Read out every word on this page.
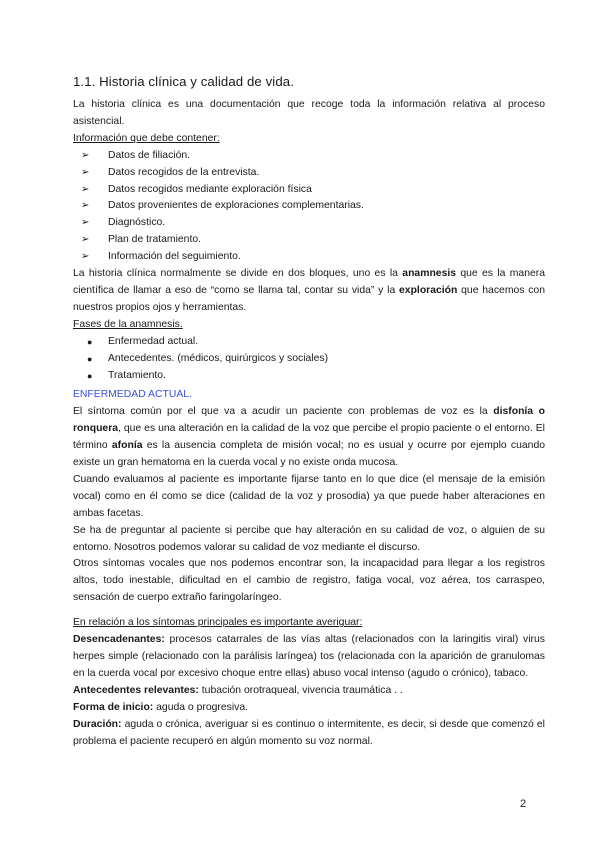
1.1. Historia clínica y calidad de vida.

La historia clínica es una documentación que recoge toda la información relativa al proceso asistencial.

Información que debe contener:

➢ Datos de filiación.
➢ Datos recogidos de la entrevista.
➢ Datos recogidos mediante exploración física
➢ Datos provenientes de exploraciones complementarias.
➢ Diagnóstico.
➢ Plan de tratamiento.
➢ Información del seguimiento.

La historia clínica normalmente se divide en dos bloques, uno es la anamnesis que es la manera científica de llamar a eso de “como se llama tal, contar su vida” y la exploración que hacemos con nuestros propios ojos y herramientas.

Fases de la anamnesis.

● Enfermedad actual.
● Antecedentes. (médicos, quirúrgicos y sociales)
● Tratamiento.

ENFERMEDAD ACTUAL.

El síntoma común por el que va a acudir un paciente con problemas de voz es la disfonía o ronquera, que es una alteración en la calidad de la voz que percibe el propio paciente o el entorno. El término afonía es la ausencia completa de misión vocal; no es usual y ocurre por ejemplo cuando existe un gran hematoma en la cuerda vocal y no existe onda mucosa.

Cuando evaluamos al paciente es importante fijarse tanto en lo que dice (el mensaje de la emisión vocal) como en él como se dice (calidad de la voz y prosodia) ya que puede haber alteraciones en ambas facetas.

Se ha de preguntar al paciente si percibe que hay alteración en su calidad de voz, o alguien de su entorno. Nosotros podemos valorar su calidad de voz mediante el discurso.

Otros síntomas vocales que nos podemos encontrar son, la incapacidad para llegar a los registros altos, todo inestable, dificultad en el cambio de registro, fatiga vocal, voz aérea, tos carraspeo, sensación de cuerpo extraño faringolaríngeo.

En relación a los síntomas principales es importante averiguar:

Desencadenantes: procesos catarrales de las vías altas (relacionados con la laringitis viral) virus herpes simple (relacionado con la parálisis laríngea) tos (relacionada con la aparición de granulomas en la cuerda vocal por excesivo choque entre ellas) abuso vocal intenso (agudo o crónico), tabaco.

Antecedentes relevantes: tubación orotraqueal, vivencia traumática . .

Forma de inicio: aguda o progresiva.

Duración: aguda o crónica, averiguar si es continuo o intermitente, es decir, si desde que comenzó el problema el paciente recuperó en algún momento su voz normal.

2
